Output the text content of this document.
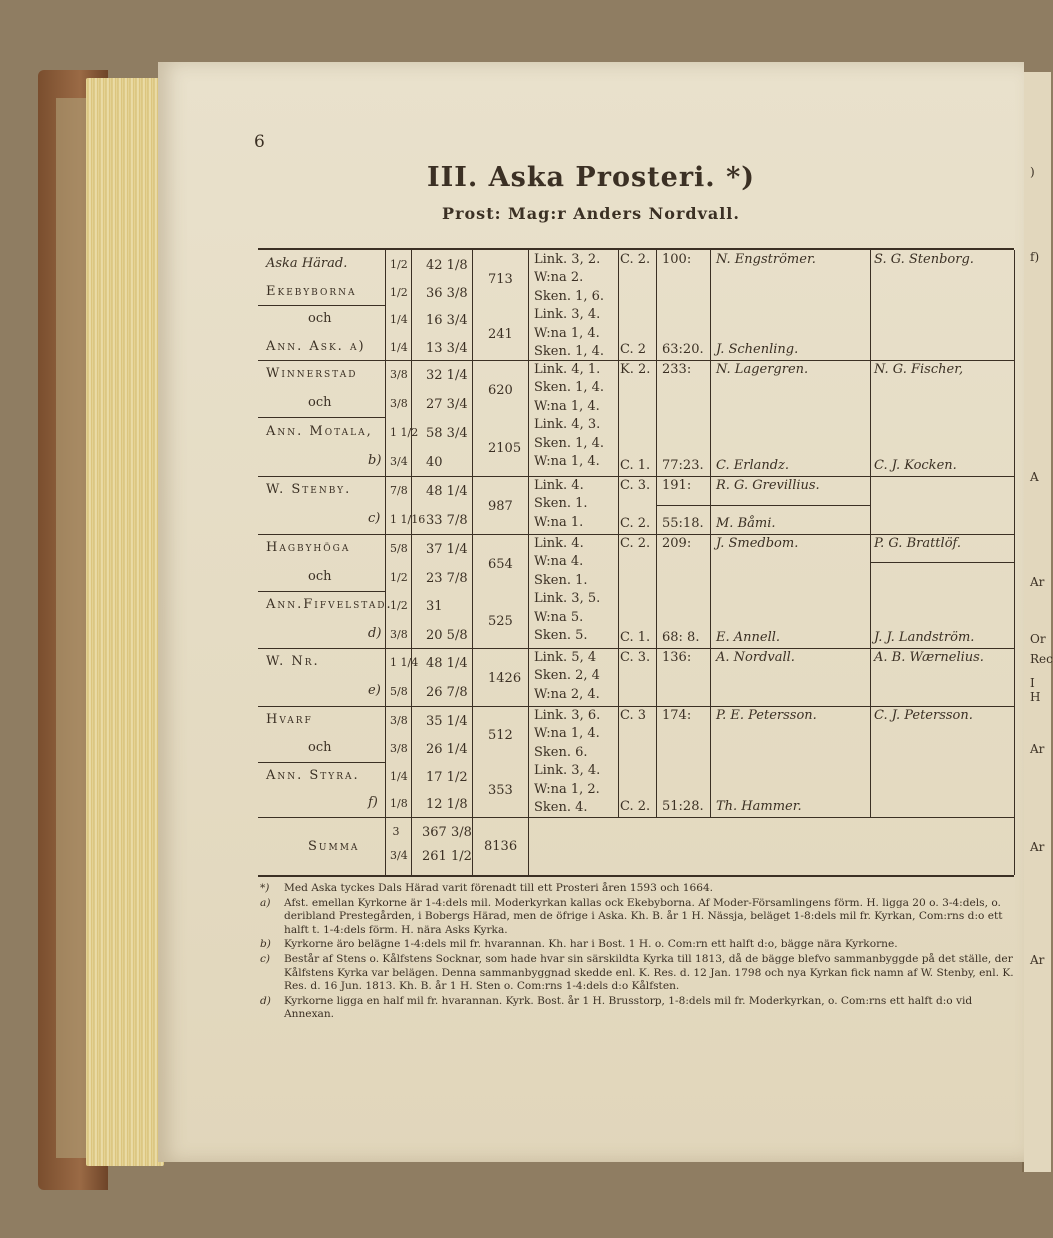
6
III. Aska Prosteri. *)
Prost: Mag:r Anders Nordvall.
Aska Härad.
Ekebyborna
och
Ann. Ask. a)
1/2
1/2
1/4
1/4
42 1/8
36 3/8
16 3/4
13 3/4
713
241
Link. 3, 2.
W:na 2.
Sken. 1, 6.
Link. 3, 4.
W:na 1, 4.
Sken. 1, 4.
C. 2.
C. 2
100:
63:20.
N. Engströmer.
J. Schenling.
S. G. Stenborg.
Winnerstad
och
Ann. Motala,
b)
3/8
3/8
1 1/2
3/4
32 1/4
27 3/4
58 3/4
40
620
2105
Link. 4, 1.
Sken. 1, 4.
W:na 1, 4.
Link. 4, 3.
Sken. 1, 4.
W:na 1, 4.
K. 2.
C. 1.
233:
77:23.
N. Lagergren.
C. Erlandz.
N. G. Fischer,
C. J. Kocken.
W. Stenby.
c)
7/8
1 1/16
48 1/4
33 7/8
987
Link. 4.
Sken. 1.
W:na 1.
C. 3.
C. 2.
191:
55:18.
R. G. Grevillius.
M. Båmi.
Hagbyhöga
och
Ann.Fifvelstad.
d)
5/8
1/2
1/2
3/8
37 1/4
23 7/8
31
20 5/8
654
525
Link. 4.
W:na 4.
Sken. 1.
Link. 3, 5.
W:na 5.
Sken. 5.
C. 2.
C. 1.
209:
68: 8.
J. Smedbom.
E. Annell.
P. G. Brattlöf.
J. J. Landström.
W. Nr.
e)
1 1/4
5/8
48 1/4
26 7/8
1426
Link. 5, 4
Sken. 2, 4
W:na 2, 4.
C. 3. 136: A. Nordvall.	A. B. Wærnelius.
Hvarf
och
Ann. Styra.
f)
3/8
3/8
1/4
1/8
35 1/4
26 1/4
17 1/2
12 1/8
512
353
Link. 3, 6.
W:na 1, 4.
Sken. 6.
Link. 3, 4.
W:na 1, 2.
Sken. 4.
C. 3
C. 2.
174:
51:28.
P. E. Petersson.
Th. Hammer.
C. J. Petersson.
Summa
3
3/4
367 3/8
261 1/2
8136
*) Med Aska tyckes Dals Härad varit förenadt till ett Prosteri åren 1593 och 1664.
a) Afst. emellan Kyrkorne är 1-4:dels mil. Moderkyrkan kallas ock Ekebyborna. Af Moder-Församlingens förm. H. ligga 20 o. 3-4:dels, o. deribland Prestegården, i Bobergs Härad, men de öfrige i Aska. Kh. B. år 1 H. Nässja, beläget 1-8:dels mil fr. Kyrkan, Com:rns d:o ett halft t. 1-4:dels förm. H. nära Asks Kyrka.
b) Kyrkorne äro belägne 1-4:dels mil fr. hvarannan. Kh. har i Bost. 1 H. o. Com:rn ett halft d:o, bägge nära Kyrkorne.
c) Består af Stens o. Kålfstens Socknar, som hade hvar sin särskildta Kyrka till 1813, då de bägge blefvo sammanbyggde på det ställe, der Kålfstens Kyrka var belägen. Denna sammanbyggnad skedde enl. K. Res. d. 12 Jan. 1798 och nya Kyrkan fick namn af W. Stenby, enl. K. Res. d. 16 Jun. 1813. Kh. B. år 1 H. Sten o. Com:rns 1-4:dels d:o Kålfsten.
d) Kyrkorne ligga en half mil fr. hvarannan. Kyrk. Bost. år 1 H. Brusstorp, 1-8:dels mil fr. Moderkyrkan, o. Com:rns ett halft d:o vid Annexan.
)
f)
A
Ar
Or
Rec
I
H
Ar
Ar
Ar
